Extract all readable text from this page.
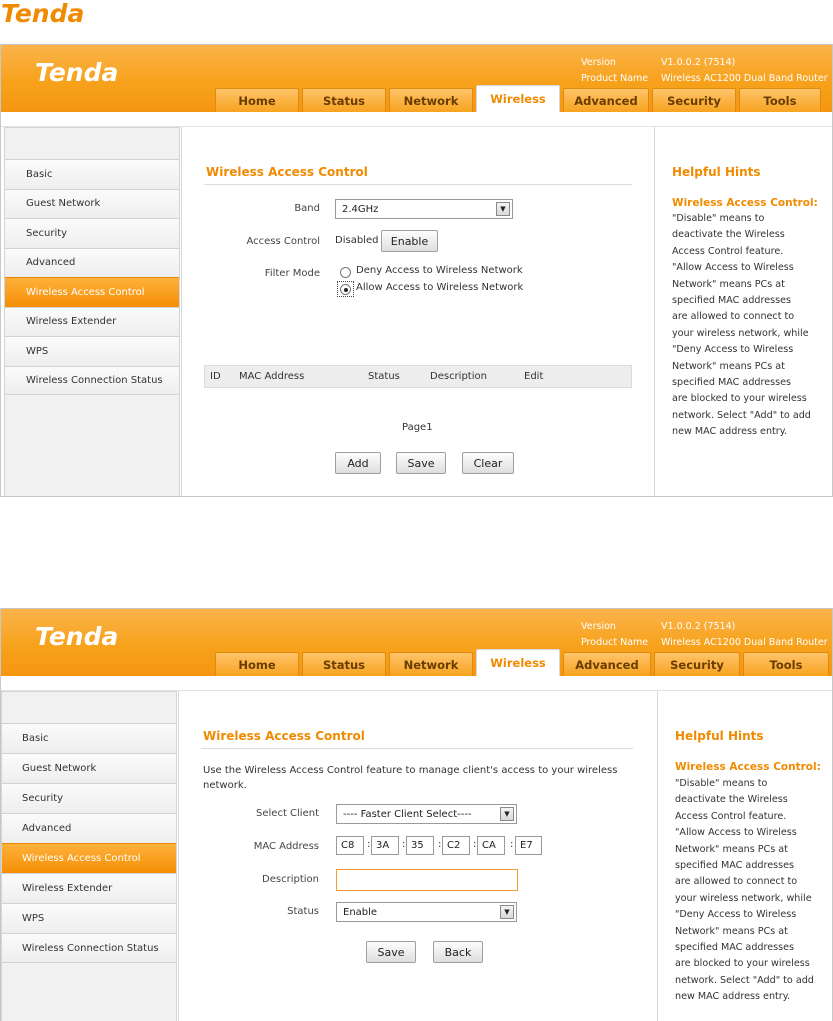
Tenda
Tenda	Version	V1.0.0.2 (7514)
Product Name	Wireless AC1200 Dual Band Router
Home	Status	Network	Wireless	Advanced	Security	Tools
Basic
Guest Network
Security
Advanced
Wireless Access Control
Wireless Extender
WPS
Wireless Connection Status
Wireless Access Control
Band 2.4GHz	▼
Access Control Disabled	Enable
Filter Mode	Deny Access to Wireless Network
Allow Access to Wireless Network
ID MAC Address	Status	Description	Edit
Page1
Add	Save	Clear
Helpful Hints
Wireless Access Control:
"Disable" means to
deactivate the Wireless
Access Control feature.
"Allow Access to Wireless
Network" means PCs at
specified MAC addresses
are allowed to connect to
your wireless network, while
"Deny Access to Wireless
Network" means PCs at
specified MAC addresses
are blocked to your wireless
network. Select "Add" to add
new MAC address entry.
Tenda	Version	V1.0.0.2 (7514)
Product Name	Wireless AC1200 Dual Band Router
Home	Status	Network	Wireless	Advanced	Security	Tools
Basic
Guest Network
Security
Advanced
Wireless Access Control
Wireless Extender
WPS
Wireless Connection Status
Wireless Access Control
Use the Wireless Access Control feature to manage client's access to your wireless
network.
Select Client ---- Faster Client Select----	▼
MAC Address	C8	: 3A	: 35	: C2	: CA	: E7
Description
Status Enable	▼
Save	Back
Helpful Hints
Wireless Access Control:
"Disable" means to
deactivate the Wireless
Access Control feature.
"Allow Access to Wireless
Network" means PCs at
specified MAC addresses
are allowed to connect to
your wireless network, while
"Deny Access to Wireless
Network" means PCs at
specified MAC addresses
are blocked to your wireless
network. Select "Add" to add
new MAC address entry.
